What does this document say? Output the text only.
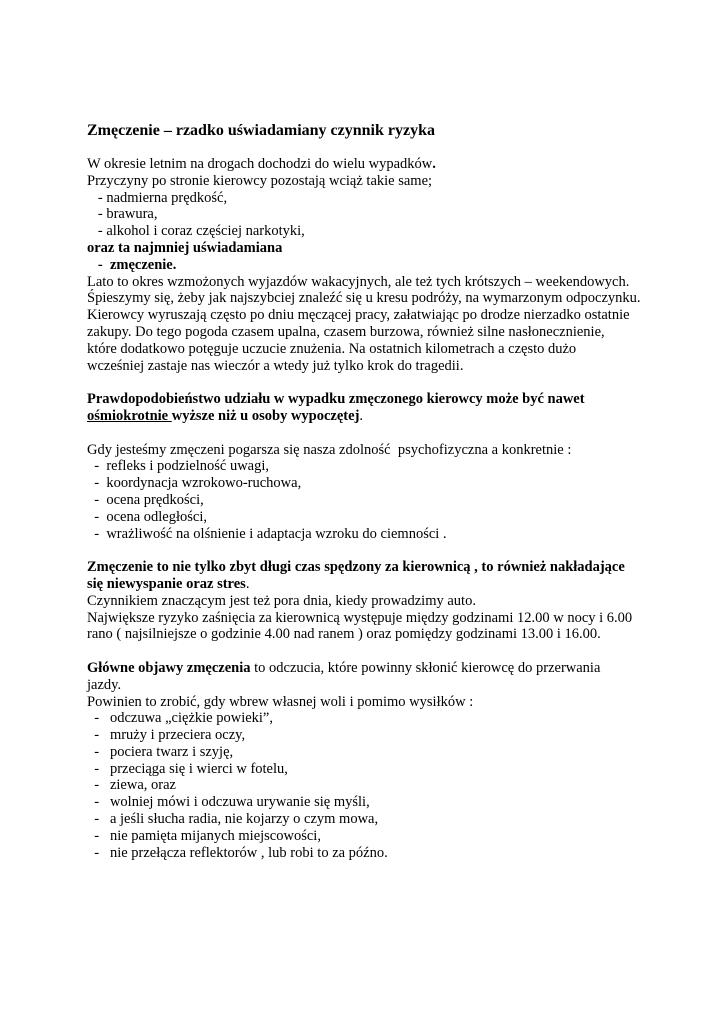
Zmęczenie – rzadko uświadamiany czynnik ryzyka
W okresie letnim na drogach dochodzi do wielu wypadków.
Przyczyny po stronie kierowcy pozostają wciąż takie same;
- nadmierna prędkość,
- brawura,
- alkohol i coraz częściej narkotyki,
oraz ta najmniej uświadamiana
-  zmęczenie.
Lato to okres wzmożonych wyjazdów wakacyjnych, ale też tych krótszych – weekendowych.
Śpieszymy się, żeby jak najszybciej znaleźć się u kresu podróży, na wymarzonym odpoczynku.
Kierowcy wyruszają często po dniu męczącej pracy, załatwiając po drodze nierzadko ostatnie
zakupy. Do tego pogoda czasem upalna, czasem burzowa, również silne nasłonecznienie,
które dodatkowo potęguje uczucie znużenia. Na ostatnich kilometrach a często dużo
wcześniej zastaje nas wieczór a wtedy już tylko krok do tragedii.
Prawdopodobieństwo udziału w wypadku zmęczonego kierowcy może być nawet
ośmiokrotnie wyższe niż u osoby wypoczętej.
Gdy jesteśmy zmęczeni pogarsza się nasza zdolność  psychofizyczna a konkretnie :
-  refleks i podzielność uwagi,
-  koordynacja wzrokowo-ruchowa,
-  ocena prędkości,
-  ocena odległości,
-  wrażliwość na olśnienie i adaptacja wzroku do ciemności .
Zmęczenie to nie tylko zbyt długi czas spędzony za kierownicą , to również nakładające
się niewyspanie oraz stres.
Czynnikiem znaczącym jest też pora dnia, kiedy prowadzimy auto.
Największe ryzyko zaśnięcia za kierownicą występuje między godzinami 12.00 w nocy i 6.00
rano ( najsilniejsze o godzinie 4.00 nad ranem ) oraz pomiędzy godzinami 13.00 i 16.00.
Główne objawy zmęczenia to odczucia, które powinny skłonić kierowcę do przerwania
jazdy.
Powinien to zrobić, gdy wbrew własnej woli i pomimo wysiłków :
-   odczuwa „ciężkie powieki”,
-   mruży i przeciera oczy,
-   pociera twarz i szyję,
-   przeciąga się i wierci w fotelu,
-   ziewa, oraz
-   wolniej mówi i odczuwa urywanie się myśli,
-   a jeśli słucha radia, nie kojarzy o czym mowa,
-   nie pamięta mijanych miejscowości,
-   nie przełącza reflektorów , lub robi to za późno.
